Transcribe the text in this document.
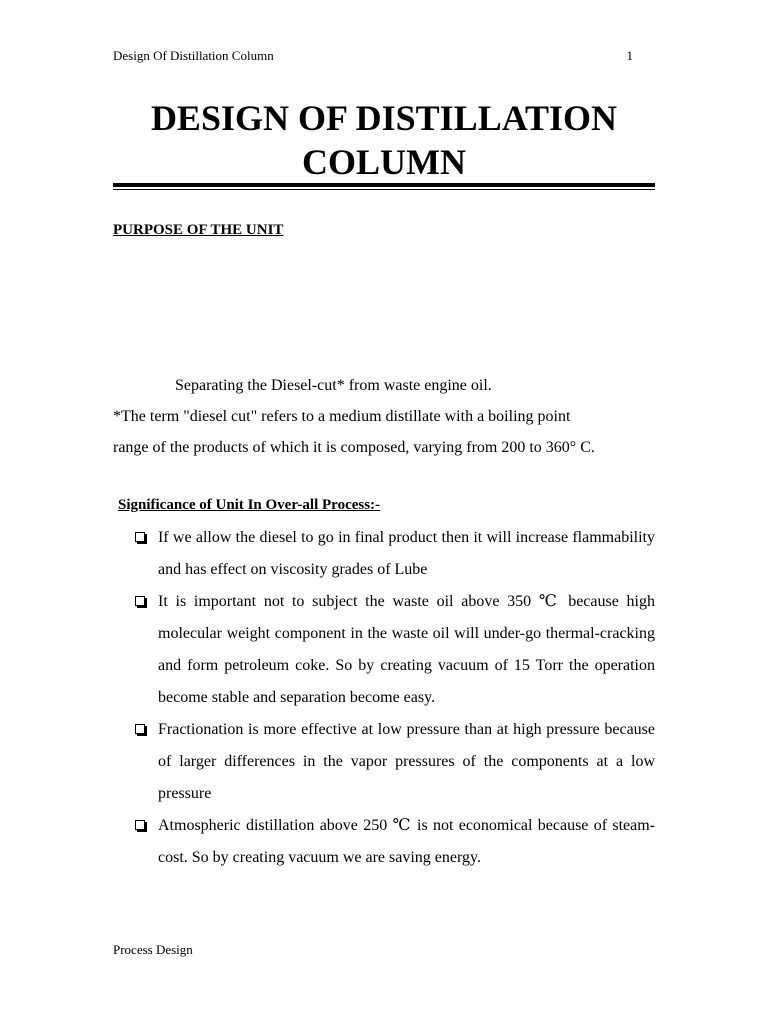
Design Of Distillation Column	1
DESIGN OF DISTILLATION
COLUMN
PURPOSE OF THE UNIT
Separating the Diesel-cut* from waste engine oil.
*The term "diesel cut" refers to a medium distillate with a boiling point
range of the products of which it is composed, varying from 200 to 360° C.
Significance of Unit In Over-all Process:-
If we allow the diesel to go in final product then it will increase flammability and has effect on viscosity grades of Lube
It is important not to subject the waste oil above 350 ℃ because high molecular weight component in the waste oil will under-go thermal-cracking and form petroleum coke. So by creating vacuum of 15 Torr the operation become stable and separation become easy.
Fractionation is more effective at low pressure than at high pressure because of larger differences in the vapor pressures of the components at a low pressure
Atmospheric distillation above 250 ℃ is not economical because of steam-cost. So by creating vacuum we are saving energy.
Process Design
